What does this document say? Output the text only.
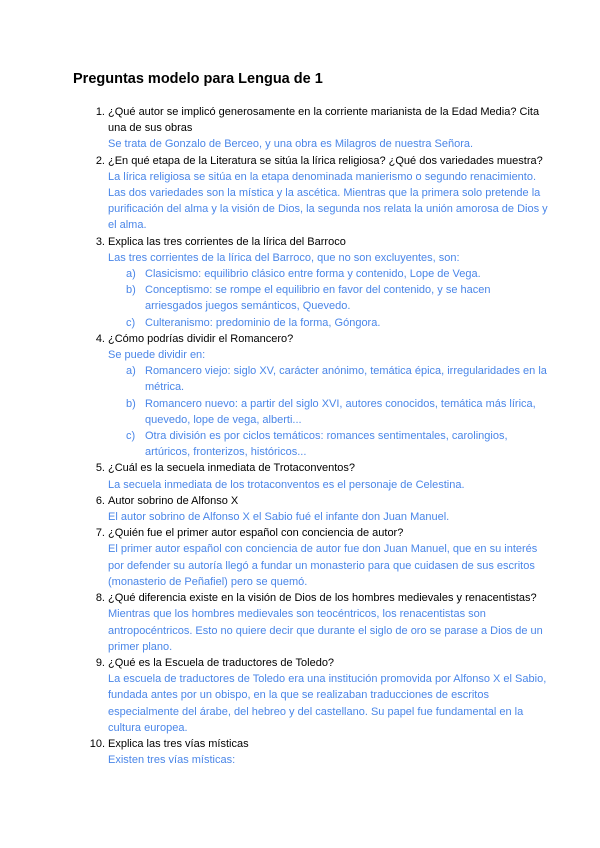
Preguntas modelo para Lengua de 1
1. ¿Qué autor se implicó generosamente en la corriente marianista de la Edad Media? Cita una de sus obras
Se trata de Gonzalo de Berceo, y una obra es Milagros de nuestra Señora.
2. ¿En qué etapa de la Literatura se sitúa la lírica religiosa? ¿Qué dos variedades muestra?
La lírica religiosa se sitúa en la etapa denominada manierismo o segundo renacimiento. Las dos variedades son la mística y la ascética. Mientras que la primera solo pretende la purificación del alma y la visión de Dios, la segunda nos relata la unión amorosa de Dios y el alma.
3. Explica las tres corrientes de la lírica del Barroco
Las tres corrientes de la lírica del Barroco, que no son excluyentes, son:
a) Clasicismo: equilibrio clásico entre forma y contenido, Lope de Vega.
b) Conceptismo: se rompe el equilibrio en favor del contenido, y se hacen arriesgados juegos semánticos, Quevedo.
c) Culteranismo: predominio de la forma, Góngora.
4. ¿Cómo podrías dividir el Romancero?
Se puede dividir en:
a) Romancero viejo: siglo XV, carácter anónimo, temática épica, irregularidades en la métrica.
b) Romancero nuevo: a partir del siglo XVI, autores conocidos, temática más lírica, quevedo, lope de vega, alberti...
c) Otra división es por ciclos temáticos: romances sentimentales, carolingios, artúricos, fronterizos, históricos...
5. ¿Cuál es la secuela inmediata de Trotaconventos?
La secuela inmediata de los trotaconventos es el personaje de Celestina.
6. Autor sobrino de Alfonso X
El autor sobrino de Alfonso X el Sabio fué el infante don Juan Manuel.
7. ¿Quién fue el primer autor español con conciencia de autor?
El primer autor español con conciencia de autor fue don Juan Manuel, que en su interés por defender su autoría llegó a fundar un monasterio para que cuidasen de sus escritos (monasterio de Peñafiel) pero se quemó.
8. ¿Qué diferencia existe en la visión de Dios de los hombres medievales y renacentistas?
Mientras que los hombres medievales son teocéntricos, los renacentistas son antropocéntricos. Esto no quiere decir que durante el siglo de oro se parase a Dios de un primer plano.
9. ¿Qué es la Escuela de traductores de Toledo?
La escuela de traductores de Toledo era una institución promovida por Alfonso X el Sabio, fundada antes por un obispo, en la que se realizaban traducciones de escritos especialmente del árabe, del hebreo y del castellano. Su papel fue fundamental en la cultura europea.
10. Explica las tres vías místicas
Existen tres vías místicas:
